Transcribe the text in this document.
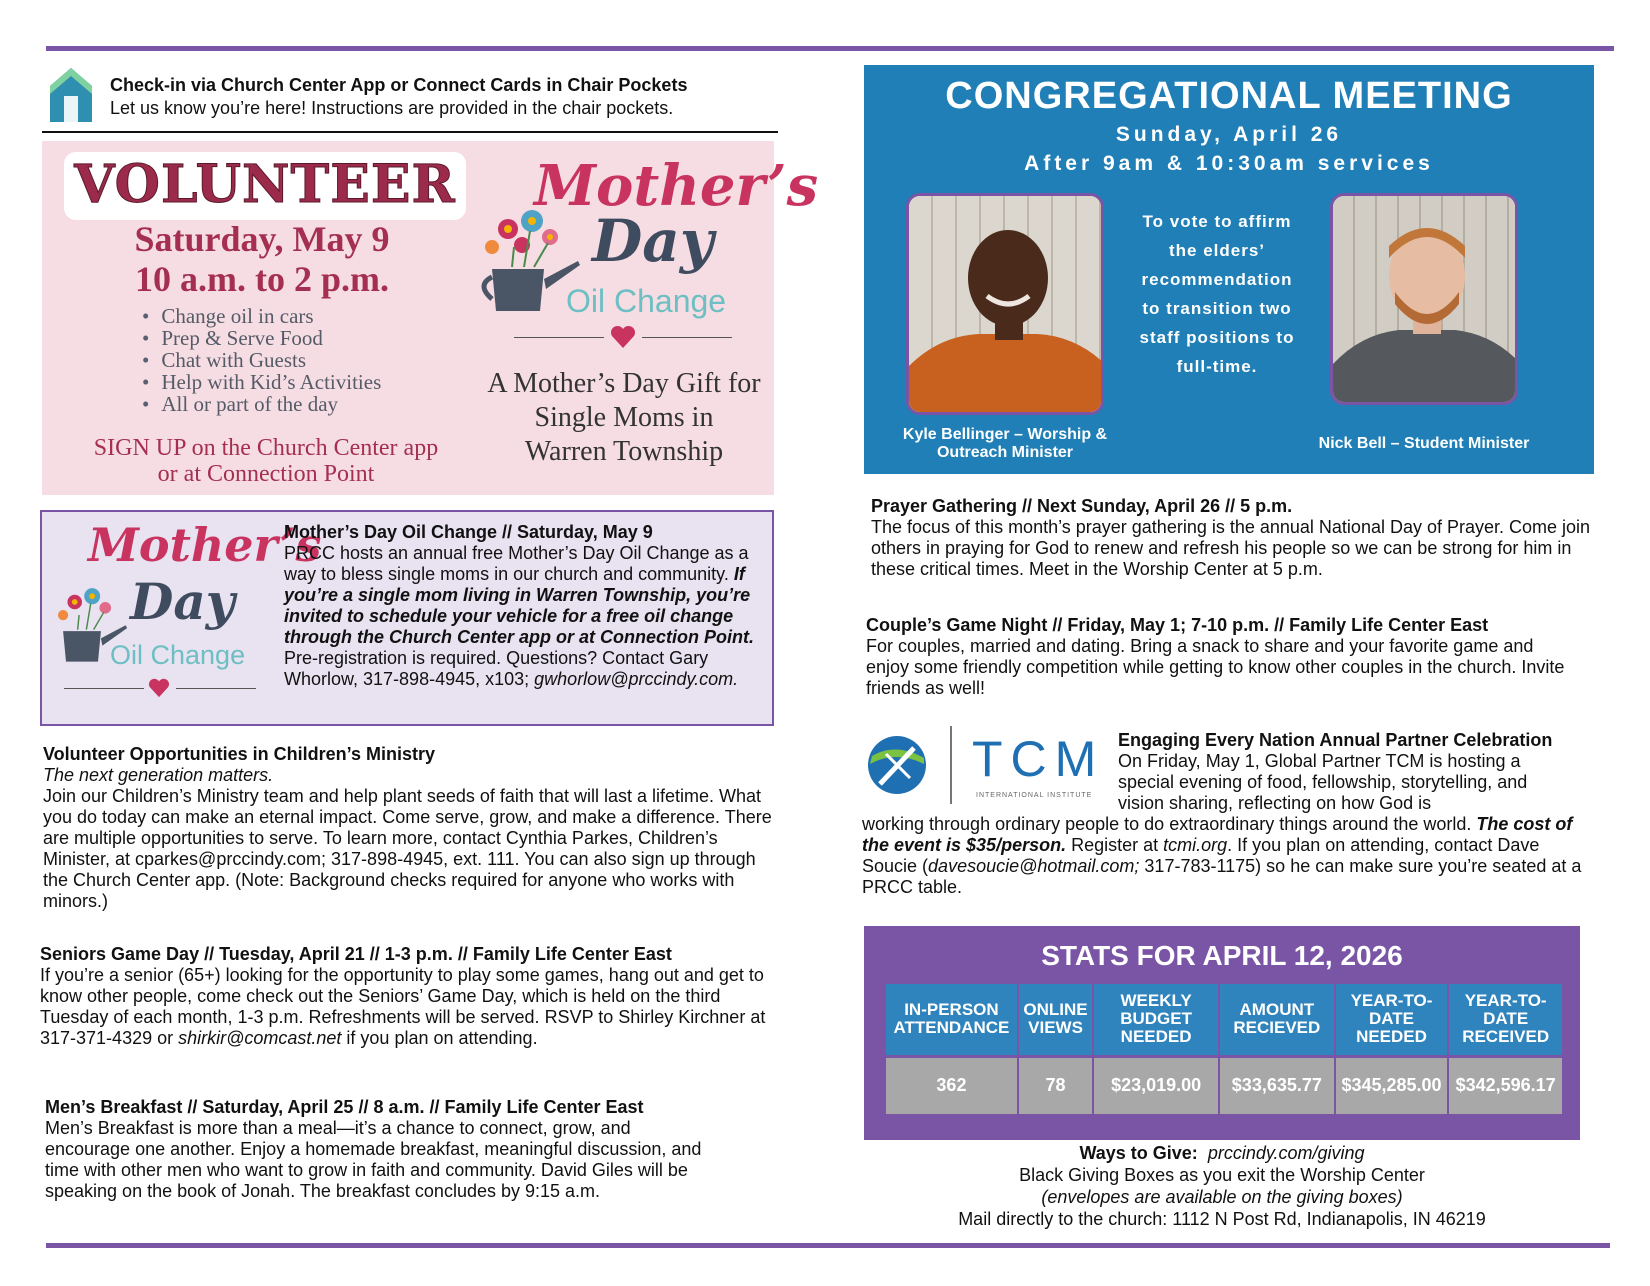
Check-in via Church Center App or Connect Cards in Chair Pockets
Let us know you’re here! Instructions are provided in the chair pockets.
VOLUNTEER
Saturday, May 9
10 a.m. to 2 p.m.
• Change oil in cars
• Prep & Serve Food
• Chat with Guests
• Help with Kid’s Activities
• All or part of the day
SIGN UP on the Church Center app
or at Connection Point
Mother’s
Day
Oil Change
A Mother’s Day Gift for
Single Moms in
Warren Township
Mother’s
Day
Oil Change
Mother’s Day Oil Change // Saturday, May 9
PRCC hosts an annual free Mother’s Day Oil Change as a way to bless single moms in our church and community. If you’re a single mom living in Warren Township, you’re invited to schedule your vehicle for a free oil change through the Church Center app or at Connection Point. Pre-registration is required. Questions? Contact Gary Whorlow, 317-898-4945, x103; gwhorlow@prccindy.com.
Volunteer Opportunities in Children’s Ministry
The next generation matters.
Join our Children’s Ministry team and help plant seeds of faith that will last a lifetime. What you do today can make an eternal impact. Come serve, grow, and make a difference. There are multiple opportunities to serve. To learn more, contact Cynthia Parkes, Children’s Minister, at cparkes@prccindy.com; 317-898-4945, ext. 111. You can also sign up through the Church Center app. (Note: Background checks required for anyone who works with minors.)
Seniors Game Day // Tuesday, April 21 // 1-3 p.m. // Family Life Center East
If you’re a senior (65+) looking for the opportunity to play some games, hang out and get to know other people, come check out the Seniors’ Game Day, which is held on the third Tuesday of each month, 1-3 p.m. Refreshments will be served. RSVP to Shirley Kirchner at 317-371-4329 or shirkir@comcast.net if you plan on attending.
Men’s Breakfast // Saturday, April 25 // 8 a.m. // Family Life Center East
Men’s Breakfast is more than a meal—it’s a chance to connect, grow, and encourage one another. Enjoy a homemade breakfast, meaningful discussion, and time with other men who want to grow in faith and community. David Giles will be speaking on the book of Jonah. The breakfast concludes by 9:15 a.m.
CONGREGATIONAL MEETING
Sunday, April 26
After 9am & 10:30am services
To vote to affirm
the elders’
recommendation
to transition two
staff positions to
full-time.
Kyle Bellinger – Worship &
Outreach Minister
Nick Bell – Student Minister
Prayer Gathering // Next Sunday, April 26 // 5 p.m.
The focus of this month’s prayer gathering is the annual National Day of Prayer. Come join others in praying for God to renew and refresh his people so we can be strong for him in these critical times. Meet in the Worship Center at 5 p.m.
Couple’s Game Night // Friday, May 1; 7-10 p.m. // Family Life Center East
For couples, married and dating. Bring a snack to share and your favorite game and enjoy some friendly competition while getting to know other couples in the church. Invite friends as well!
TCM
INTERNATIONAL INSTITUTE
Engaging Every Nation Annual Partner Celebration
On Friday, May 1, Global Partner TCM is hosting a special evening of food, fellowship, storytelling, and vision sharing, reflecting on how God is
working through ordinary people to do extraordinary things around the world. The cost of the event is $35/person. Register at tcmi.org. If you plan on attending, contact Dave Soucie (davesoucie@hotmail.com; 317-783-1175) so he can make sure you’re seated at a PRCC table.
STATS FOR APRIL 12, 2026
IN-PERSON ATTENDANCE	ONLINE VIEWS	WEEKLY BUDGET NEEDED	AMOUNT RECIEVED	YEAR-TO-DATE NEEDED	YEAR-TO-DATE RECEIVED
362	78	$23,019.00	$33,635.77	$345,285.00	$342,596.17
Ways to Give: prccindy.com/giving
Black Giving Boxes as you exit the Worship Center
(envelopes are available on the giving boxes)
Mail directly to the church: 1112 N Post Rd, Indianapolis, IN 46219
